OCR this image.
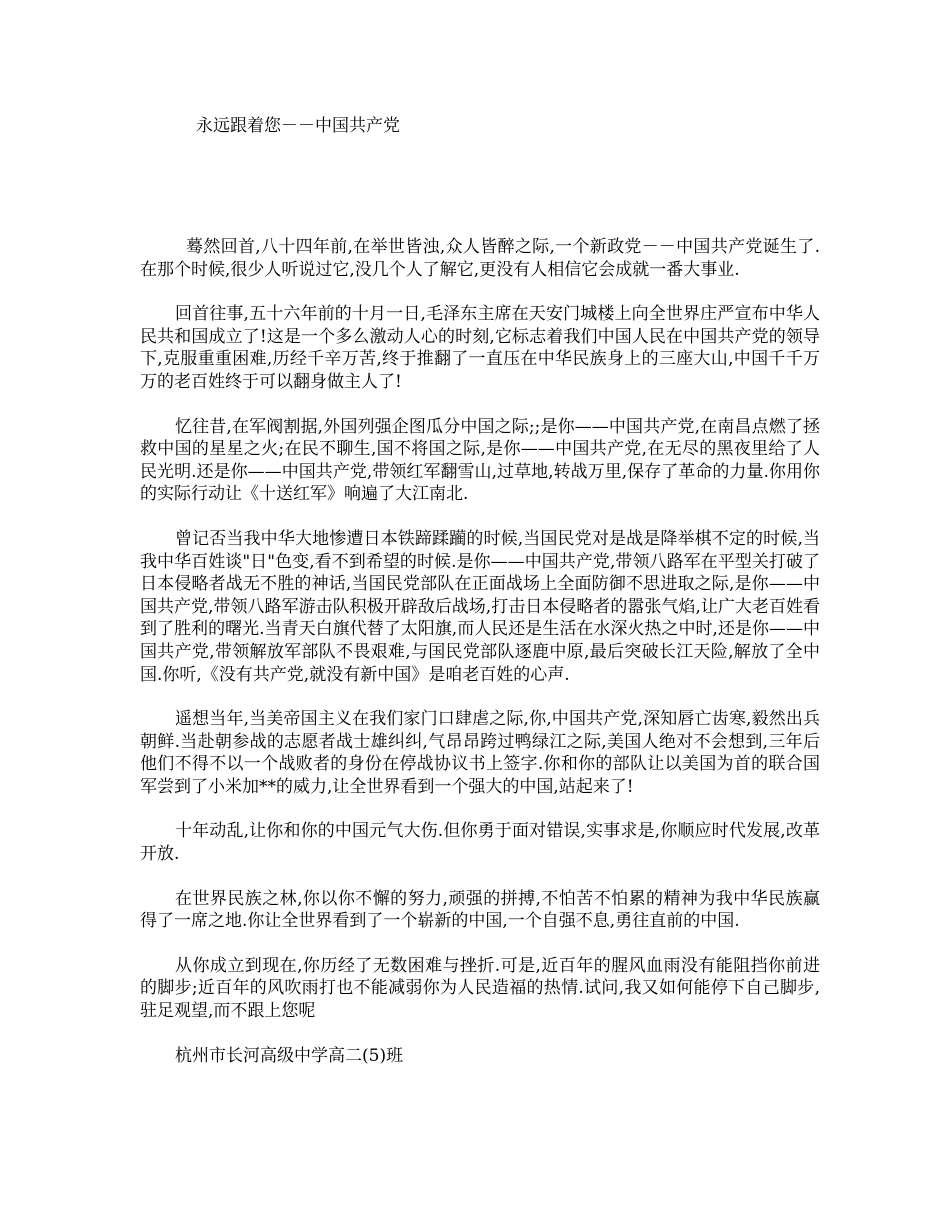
永远跟着您－－中国共产党

蓦然回首,八十四年前,在举世皆浊,众人皆醉之际,一个新政党－－中国共产党诞生了.在那个时候,很少人听说过它,没几个人了解它,更没有人相信它会成就一番大事业.

回首往事,五十六年前的十月一日,毛泽东主席在天安门城楼上向全世界庄严宣布中华人民共和国成立了!这是一个多么激动人心的时刻,它标志着我们中国人民在中国共产党的领导下,克服重重困难,历经千辛万苦,终于推翻了一直压在中华民族身上的三座大山,中国千千万万的老百姓终于可以翻身做主人了!

忆往昔,在军阀割据,外国列强企图瓜分中国之际;;是你——中国共产党,在南昌点燃了拯救中国的星星之火;在民不聊生,国不将国之际,是你——中国共产党,在无尽的黑夜里给了人民光明.还是你——中国共产党,带领红军翻雪山,过草地,转战万里,保存了革命的力量.你用你的实际行动让《十送红军》响遍了大江南北.

曾记否当我中华大地惨遭日本铁蹄蹂躏的时候,当国民党对是战是降举棋不定的时候,当我中华百姓谈"日"色变,看不到希望的时候.是你——中国共产党,带领八路军在平型关打破了日本侵略者战无不胜的神话,当国民党部队在正面战场上全面防御不思进取之际,是你——中国共产党,带领八路军游击队积极开辟敌后战场,打击日本侵略者的嚣张气焰,让广大老百姓看到了胜利的曙光.当青天白旗代替了太阳旗,而人民还是生活在水深火热之中时,还是你——中国共产党,带领解放军部队不畏艰难,与国民党部队逐鹿中原,最后突破长江天险,解放了全中国.你听,《没有共产党,就没有新中国》是咱老百姓的心声.

遥想当年,当美帝国主义在我们家门口肆虐之际,你,中国共产党,深知唇亡齿寒,毅然出兵朝鲜.当赴朝参战的志愿者战士雄纠纠,气昂昂跨过鸭绿江之际,美国人绝对不会想到,三年后他们不得不以一个战败者的身份在停战协议书上签字.你和你的部队让以美国为首的联合国军尝到了小米加**的威力,让全世界看到一个强大的中国,站起来了!

十年动乱,让你和你的中国元气大伤.但你勇于面对错误,实事求是,你顺应时代发展,改革开放.

在世界民族之林,你以你不懈的努力,顽强的拼搏,不怕苦不怕累的精神为我中华民族赢得了一席之地.你让全世界看到了一个崭新的中国,一个自强不息,勇往直前的中国.

从你成立到现在,你历经了无数困难与挫折.可是,近百年的腥风血雨没有能阻挡你前进的脚步;近百年的风吹雨打也不能减弱你为人民造福的热情.试问,我又如何能停下自己脚步,驻足观望,而不跟上您呢

杭州市长河高级中学高二(5)班
